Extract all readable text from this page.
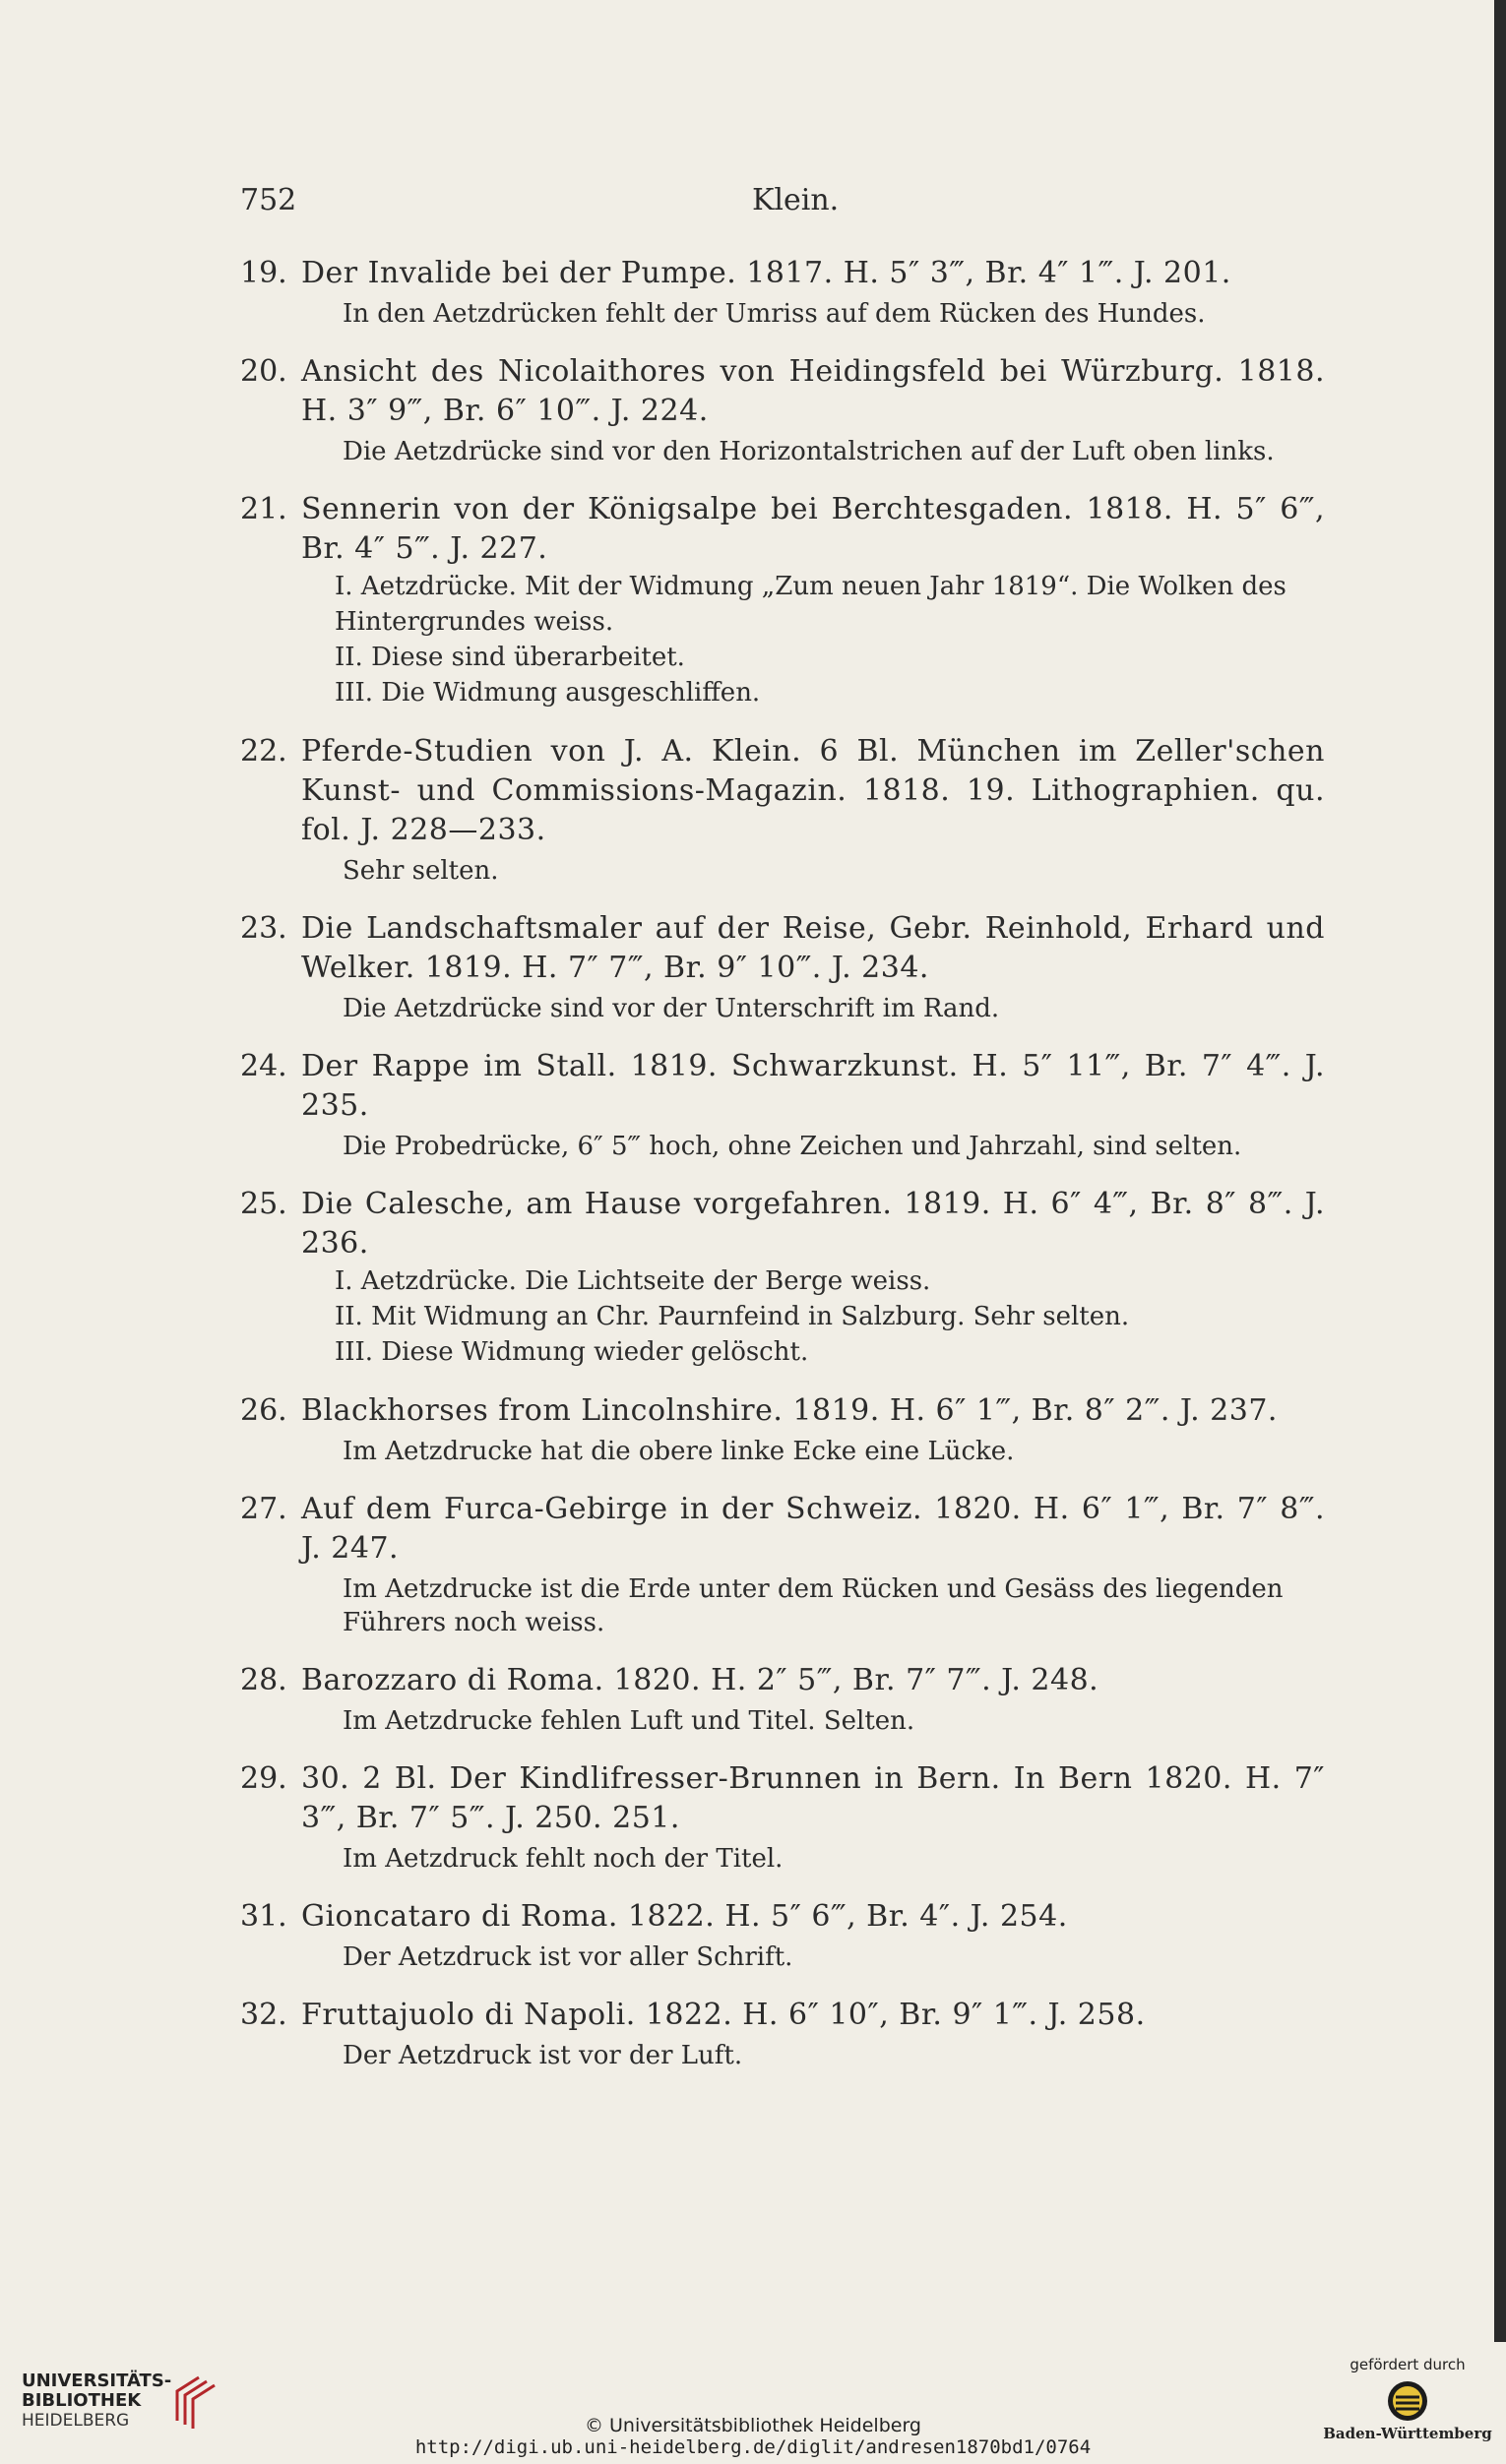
752	Klein.
19. Der Invalide bei der Pumpe. 1817. H. 5″ 3‴, Br. 4″ 1‴. J. 201.
In den Aetzdrücken fehlt der Umriss auf dem Rücken des Hundes.
20. Ansicht des Nicolaithores von Heidingsfeld bei Würzburg. 1818. H. 3″ 9‴, Br. 6″ 10‴. J. 224.
Die Aetzdrücke sind vor den Horizontalstrichen auf der Luft oben links.
21. Sennerin von der Königsalpe bei Berchtesgaden. 1818. H. 5″ 6‴, Br. 4″ 5‴. J. 227.
I. Aetzdrücke. Mit der Widmung „Zum neuen Jahr 1819“. Die Wolken des Hintergrundes weiss.
II. Diese sind überarbeitet.
III. Die Widmung ausgeschliffen.
22. Pferde-Studien von J. A. Klein. 6 Bl. München im Zeller'schen Kunst- und Commissions-Magazin. 1818. 19. Lithographien. qu. fol. J. 228—233.
Sehr selten.
23. Die Landschaftsmaler auf der Reise, Gebr. Reinhold, Erhard und Welker. 1819. H. 7″ 7‴, Br. 9″ 10‴. J. 234.
Die Aetzdrücke sind vor der Unterschrift im Rand.
24. Der Rappe im Stall. 1819. Schwarzkunst. H. 5″ 11‴, Br. 7″ 4‴. J. 235.
Die Probedrücke, 6″ 5‴ hoch, ohne Zeichen und Jahrzahl, sind selten.
25. Die Calesche, am Hause vorgefahren. 1819. H. 6″ 4‴, Br. 8″ 8‴. J. 236.
I. Aetzdrücke. Die Lichtseite der Berge weiss.
II. Mit Widmung an Chr. Paurnfeind in Salzburg. Sehr selten.
III. Diese Widmung wieder gelöscht.
26. Blackhorses from Lincolnshire. 1819. H. 6″ 1‴, Br. 8″ 2‴. J. 237.
Im Aetzdrucke hat die obere linke Ecke eine Lücke.
27. Auf dem Furca-Gebirge in der Schweiz. 1820. H. 6″ 1‴, Br. 7″ 8‴. J. 247.
Im Aetzdrucke ist die Erde unter dem Rücken und Gesäss des liegenden Führers noch weiss.
28. Barozzaro di Roma. 1820. H. 2″ 5‴, Br. 7″ 7‴. J. 248.
Im Aetzdrucke fehlen Luft und Titel. Selten.
29. 30. 2 Bl. Der Kindlifresser-Brunnen in Bern. In Bern 1820. H. 7″ 3‴, Br. 7″ 5‴. J. 250. 251.
Im Aetzdruck fehlt noch der Titel.
31. Gioncataro di Roma. 1822. H. 5″ 6‴, Br. 4″. J. 254.
Der Aetzdruck ist vor aller Schrift.
32. Fruttajuolo di Napoli. 1822. H. 6″ 10″, Br. 9″ 1‴. J. 258.
Der Aetzdruck ist vor der Luft.
UNIVERSITÄTS-
BIBLIOTHEK
HEIDELBERG	© Universitätsbibliothek Heidelberg
http://digi.ub.uni-heidelberg.de/diglit/andresen1870bd1/0764
gefördert durch
Baden-Württemberg
